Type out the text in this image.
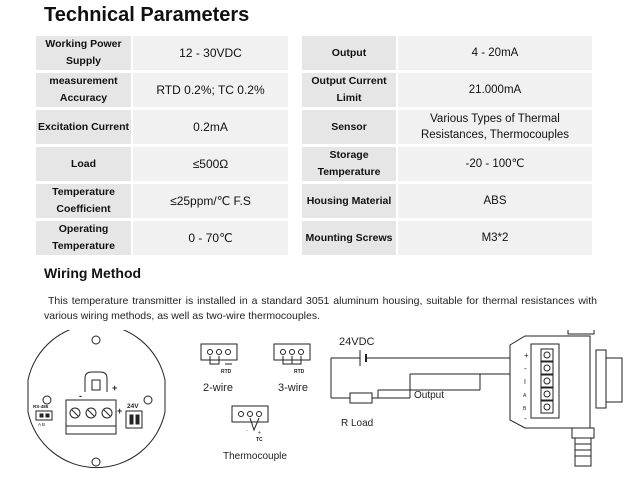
Technical Parameters
Working Power Supply		12 - 30VDC
measurement Accuracy		RTD 0.2%; TC 0.2%
Excitation Current		0.2mA
Load		≤500Ω
Temperature Coefficient		≤25ppm/℃ F.S
Operating Temperature		0 - 70℃
Output		4 - 20mA
Output Current Limit		21.000mA
Sensor		Various Types of Thermal Resistances, Thermocouples
Storage Temperature		-20 - 100℃
Housing Material		ABS
Mounting Screws		M3*2
Wiring Method

This temperature transmitter is installed in a standard 3051 aluminum housing, suitable for thermal resistances with various wiring methods, as well as two-wire thermocouples.

+
-
+
RS-485
A B
24V
RTD
2-wire
RTD
3-wire
+
-
TC
Thermocouple
24VDC
Output
R Load
+
-
I
A
B
-
